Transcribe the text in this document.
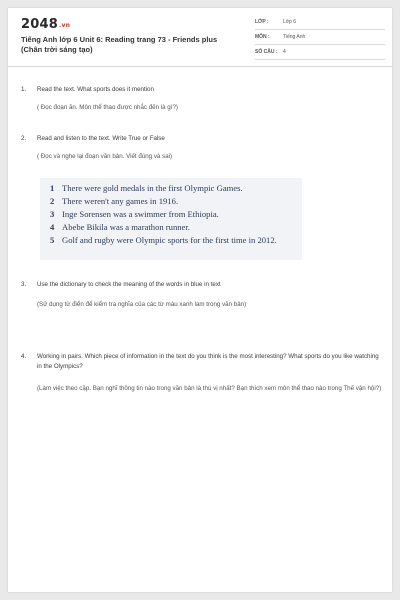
2048.vn
Tiếng Anh lớp 6 Unit 6: Reading trang 73 - Friends plus (Chân trời sáng tạo)
LỚP :	Lớp 6
MÔN :	Tiếng Anh
SỐ CÂU : 4
1. Read the text. What sports does it mention
( Đọc đoạn ăn. Môn thể thao được nhắc đến là gì?)
2. Read and listen to the text. Write True or False
( Đọc và nghe lại đoạn văn bản. Viết đúng và sai)
1 There were gold medals in the first Olympic Games.
2 There weren't any games in 1916.
3 Inge Sorensen was a swimmer from Ethiopia.
4 Abebe Bikila was a marathon runner.
5 Golf and rugby were Olympic sports for the first time in 2012.
3. Use the dictionary to check the meaning of the words in blue in text
(Sử dụng từ điển để kiểm tra nghĩa của các từ màu xanh lam trong văn bản)
4. Working in pairs. Which piece of information in the text do you think is the most interesting? What sports do you like watching in the Olympics?
(Làm việc theo cặp. Bạn nghĩ thông tin nào trong văn bản là thú vị nhất? Bạn thích xem môn thể thao nào trong Thế vận hội?)
